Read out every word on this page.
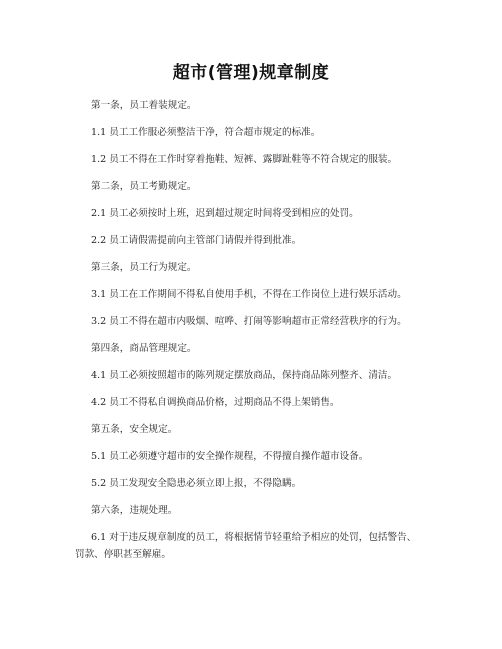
超市(管理)规章制度

第一条，员工着装规定。

1.1 员工工作服必须整洁干净，符合超市规定的标准。

1.2 员工不得在工作时穿着拖鞋、短裤、露脚趾鞋等不符合规定的服装。

第二条，员工考勤规定。

2.1 员工必须按时上班，迟到超过规定时间将受到相应的处罚。

2.2 员工请假需提前向主管部门请假并得到批准。

第三条，员工行为规定。

3.1 员工在工作期间不得私自使用手机，不得在工作岗位上进行娱乐活动。

3.2 员工不得在超市内吸烟、喧哗、打闹等影响超市正常经营秩序的行为。

第四条，商品管理规定。

4.1 员工必须按照超市的陈列规定摆放商品，保持商品陈列整齐、清洁。

4.2 员工不得私自调换商品价格，过期商品不得上架销售。

第五条，安全规定。

5.1 员工必须遵守超市的安全操作规程，不得擅自操作超市设备。

5.2 员工发现安全隐患必须立即上报，不得隐瞒。

第六条，违规处理。

6.1 对于违反规章制度的员工，将根据情节轻重给予相应的处罚，包括警告、

罚款、停职甚至解雇。
